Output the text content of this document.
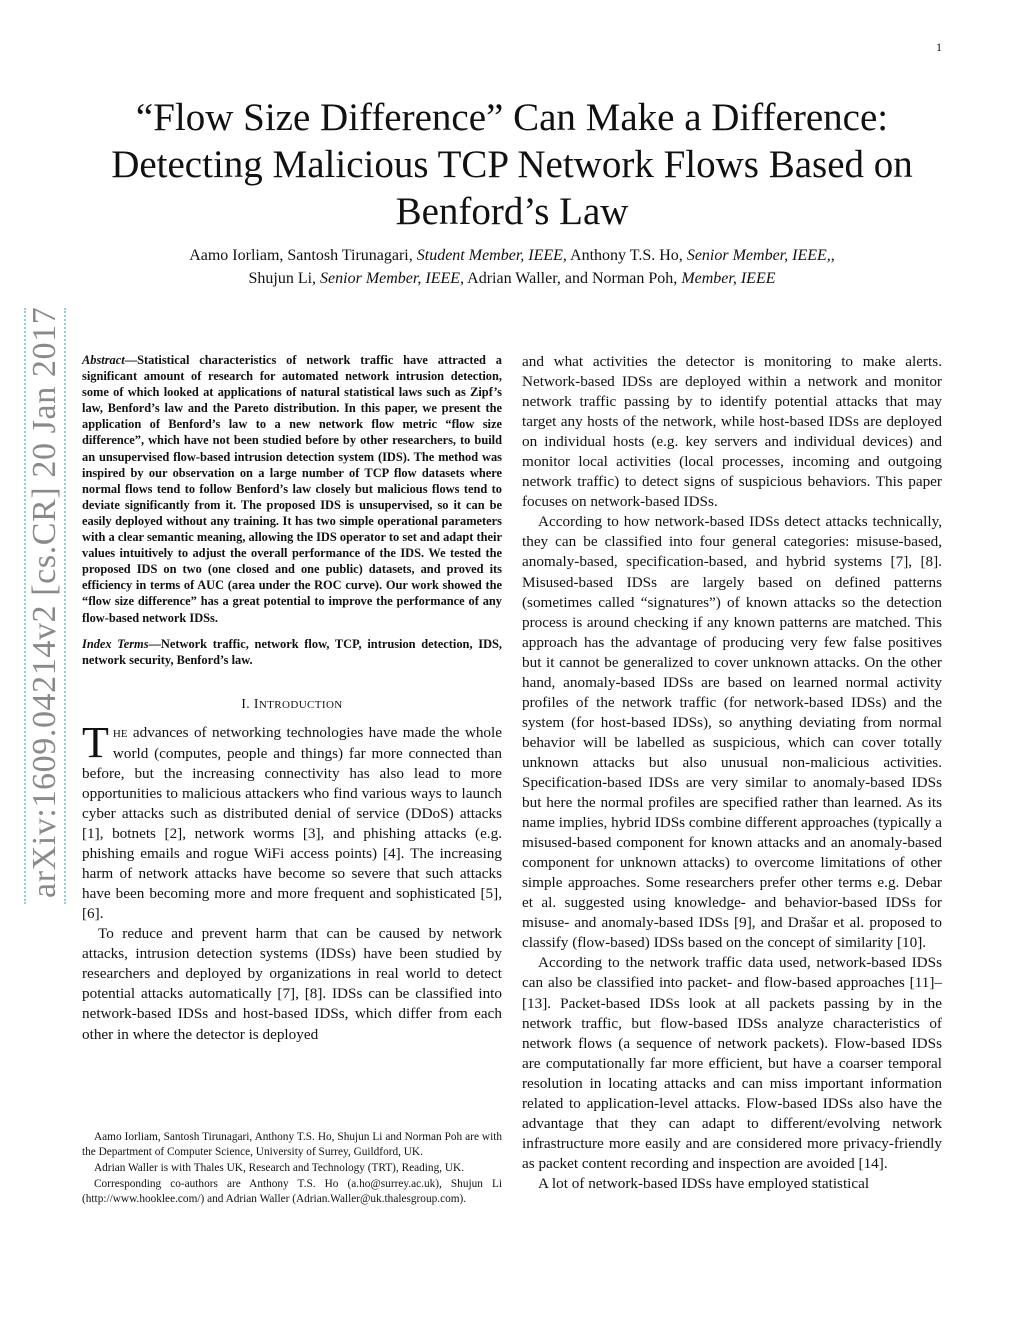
1
“Flow Size Difference” Can Make a Difference:
Detecting Malicious TCP Network Flows Based on
Benford’s Law
Aamo Iorliam, Santosh Tirunagari, Student Member, IEEE, Anthony T.S. Ho, Senior Member, IEEE,,
Shujun Li, Senior Member, IEEE, Adrian Waller, and Norman Poh, Member, IEEE
arXiv:1609.04214v2 [cs.CR] 20 Jan 2017 Abstract—Statistical characteristics of network traffic have attracted a significant amount of research for automated network intrusion detection, some of which looked at applications of natural statistical laws such as Zipf’s law, Benford’s law and the Pareto distribution. In this paper, we present the application of Benford’s law to a new network flow metric “flow size difference”, which have not been studied before by other researchers, to build an unsupervised flow-based intrusion detection system (IDS). The method was inspired by our observation on a large number of TCP flow datasets where normal flows tend to follow Benford’s law closely but malicious flows tend to deviate significantly from it. The proposed IDS is unsupervised, so it can be easily deployed without any training. It has two simple operational parameters with a clear semantic meaning, allowing the IDS operator to set and adapt their values intuitively to adjust the overall performance of the IDS. We tested the proposed IDS on two (one closed and one public) datasets, and proved its efficiency in terms of AUC (area under the ROC curve). Our work showed the “flow size difference” has a great potential to improve the performance of any flow-based network IDSs.

Index Terms—Network traffic, network flow, TCP, intrusion detection, IDS, network security, Benford’s law.

I. INTRODUCTION

THE advances of networking technologies have made the whole world (computes, people and things) far more connected than before, but the increasing connectivity has also lead to more opportunities to malicious attackers who find various ways to launch cyber attacks such as distributed denial of service (DDoS) attacks [1], botnets [2], network worms [3], and phishing attacks (e.g. phishing emails and rogue WiFi access points) [4]. The increasing harm of network attacks have become so severe that such attacks have been becoming more and more frequent and sophisticated [5], [6].

To reduce and prevent harm that can be caused by network attacks, intrusion detection systems (IDSs) have been studied by researchers and deployed by organizations in real world to detect potential attacks automatically [7], [8]. IDSs can be classified into network-based IDSs and host-based IDSs, which differ from each other in where the detector is deployed

Aamo Iorliam, Santosh Tirunagari, Anthony T.S. Ho, Shujun Li and Norman Poh are with the Department of Computer Science, University of Surrey, Guildford, UK.

Adrian Waller is with Thales UK, Research and Technology (TRT), Reading, UK.

Corresponding co-authors are Anthony T.S. Ho (a.ho@surrey.ac.uk), Shujun Li (http://www.hooklee.com/) and Adrian Waller (Adrian.Waller@uk.thalesgroup.com).

and what activities the detector is monitoring to make alerts. Network-based IDSs are deployed within a network and monitor network traffic passing by to identify potential attacks that may target any hosts of the network, while host-based IDSs are deployed on individual hosts (e.g. key servers and individual devices) and monitor local activities (local processes, incoming and outgoing network traffic) to detect signs of suspicious behaviors. This paper focuses on network-based IDSs.

According to how network-based IDSs detect attacks technically, they can be classified into four general categories: misuse-based, anomaly-based, specification-based, and hybrid systems [7], [8]. Misused-based IDSs are largely based on defined patterns (sometimes called “signatures”) of known attacks so the detection process is around checking if any known patterns are matched. This approach has the advantage of producing very few false positives but it cannot be generalized to cover unknown attacks. On the other hand, anomaly-based IDSs are based on learned normal activity profiles of the network traffic (for network-based IDSs) and the system (for host-based IDSs), so anything deviating from normal behavior will be labelled as suspicious, which can cover totally unknown attacks but also unusual non-malicious activities. Specification-based IDSs are very similar to anomaly-based IDSs but here the normal profiles are specified rather than learned. As its name implies, hybrid IDSs combine different approaches (typically a misused-based component for known attacks and an anomaly-based component for unknown attacks) to overcome limitations of other simple approaches. Some researchers prefer other terms e.g. Debar et al. suggested using knowledge- and behavior-based IDSs for misuse- and anomaly-based IDSs [9], and Drašar et al. proposed to classify (flow-based) IDSs based on the concept of similarity [10].

According to the network traffic data used, network-based IDSs can also be classified into packet- and flow-based approaches [11]–[13]. Packet-based IDSs look at all packets passing by in the network traffic, but flow-based IDSs analyze characteristics of network flows (a sequence of network packets). Flow-based IDSs are computationally far more efficient, but have a coarser temporal resolution in locating attacks and can miss important information related to application-level attacks. Flow-based IDSs also have the advantage that they can adapt to different/evolving network infrastructure more easily and are considered more privacy-friendly as packet content recording and inspection are avoided [14].

A lot of network-based IDSs have employed statistical
